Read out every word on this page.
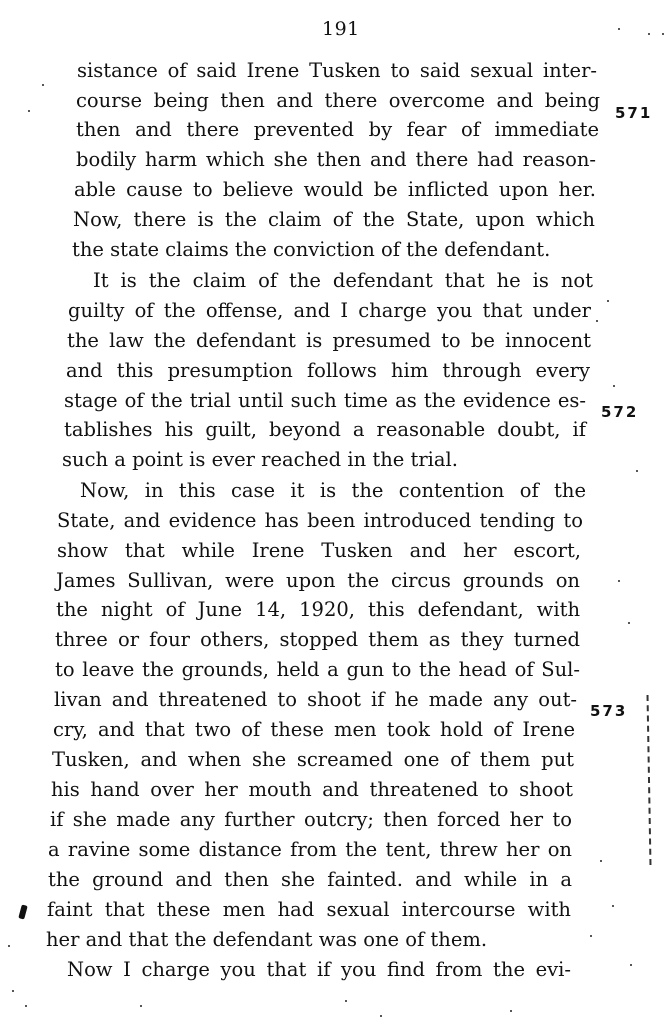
191
sistance of said Irene Tusken to said sexual inter-
course being then and there overcome and being
then and there prevented by fear of immediate
bodily harm which she then and there had reason-
able cause to believe would be inflicted upon her.
Now, there is the claim of the State, upon which
the state claims the conviction of the defendant.
It is the claim of the defendant that he is not
guilty of the offense, and I charge you that under
the law the defendant is presumed to be innocent
and this presumption follows him through every
stage of the trial until such time as the evidence es-
tablishes his guilt, beyond a reasonable doubt, if
such a point is ever reached in the trial.
Now, in this case it is the contention of the
State, and evidence has been introduced tending to
show that while Irene Tusken and her escort,
James Sullivan, were upon the circus grounds on
the night of June 14, 1920, this defendant, with
three or four others, stopped them as they turned
to leave the grounds, held a gun to the head of Sul-
livan and threatened to shoot if he made any out-
cry, and that two of these men took hold of Irene
Tusken, and when she screamed one of them put
his hand over her mouth and threatened to shoot
if she made any further outcry; then forced her to
a ravine some distance from the tent, threw her on
the ground and then she fainted. and while in a
faint that these men had sexual intercourse with
her and that the defendant was one of them.
Now I charge you that if you find from the evi-
571
572
573
